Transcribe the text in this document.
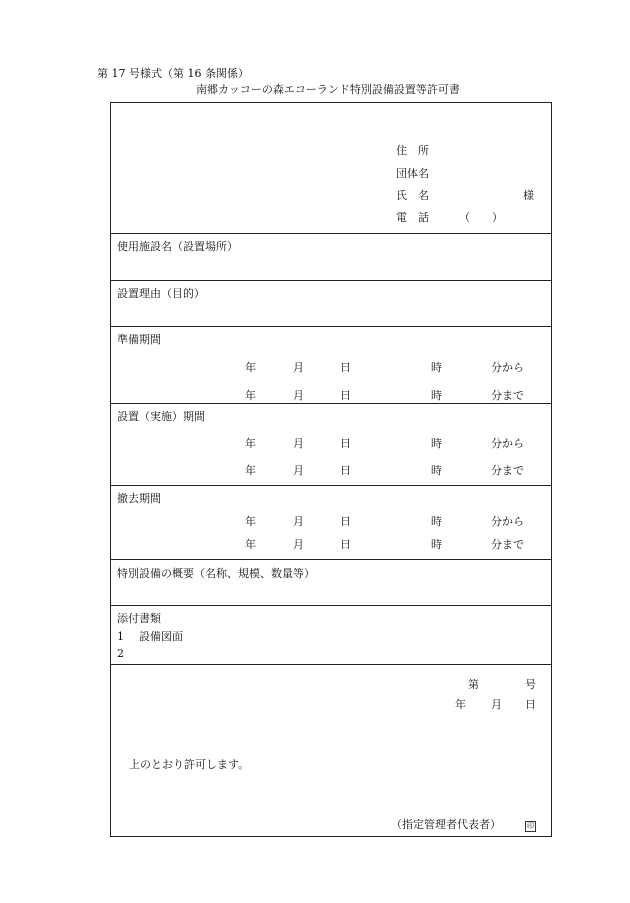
第 17 号様式（第 16 条関係）
南郷カッコーの森エコーランド特別設備設置等許可書
住　所
団体名
氏　名	様
電　話	（　　）
使用施設名（設置場所）
設置理由（目的）
準備期間
年	月	日	時	分から
年	月	日	時	分まで
設置（実施）期間
年	月	日	時	分から
年	月	日	時	分まで
撤去期間
年	月	日	時	分から
年	月	日	時	分まで
特別設備の概要（名称、規模、数量等）
添付書類
1 設備図面
2
第	号
年 月 日
上のとおり許可します。
（指定管理者代表者）	印
